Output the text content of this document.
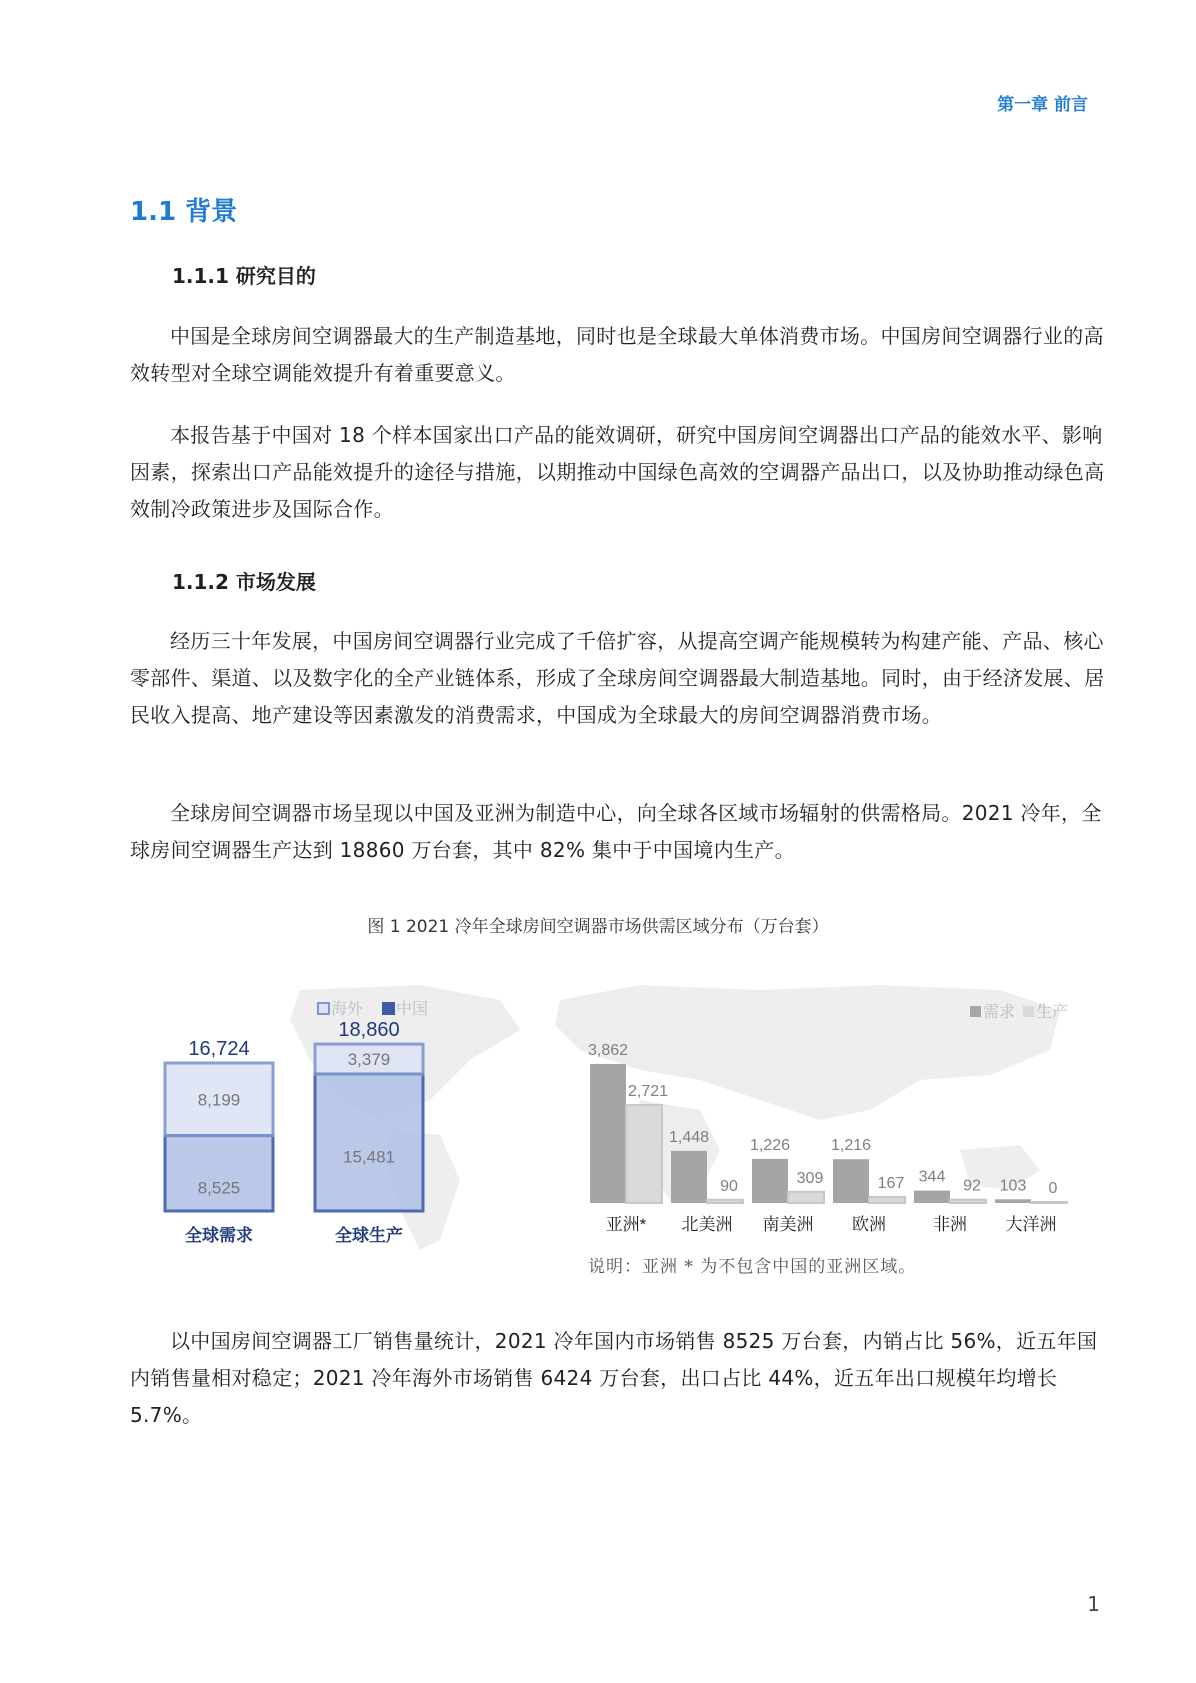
第一章 前言
1.1 背景
1.1.1 研究目的
中国是全球房间空调器最大的生产制造基地，同时也是全球最大单体消费市场。中国房间空调器行业的高效转型对全球空调能效提升有着重要意义。
本报告基于中国对 18 个样本国家出口产品的能效调研，研究中国房间空调器出口产品的能效水平、影响因素，探索出口产品能效提升的途径与措施，以期推动中国绿色高效的空调器产品出口，以及协助推动绿色高效制冷政策进步及国际合作。
1.1.2 市场发展
经历三十年发展，中国房间空调器行业完成了千倍扩容，从提高空调产能规模转为构建产能、产品、核心零部件、渠道、以及数字化的全产业链体系，形成了全球房间空调器最大制造基地。同时，由于经济发展、居民收入提高、地产建设等因素激发的消费需求，中国成为全球最大的房间空调器消费市场。
全球房间空调器市场呈现以中国及亚洲为制造中心，向全球各区域市场辐射的供需格局。2021 冷年，全球房间空调器生产达到 18860 万台套，其中 82% 集中于中国境内生产。
图 1 2021 冷年全球房间空调器市场供需区域分布（万台套）
海外 中国
8,525
8,199
16,724
全球需求
15,481
3,379
18,860
全球生产
需求 生产
3,862
2,721
亚洲*
1,448
90
北美洲
1,226
309
南美洲
1,216
167
欧洲
344
92
非洲
103 0
大洋洲
说明：亚洲 * 为不包含中国的亚洲区域。
以中国房间空调器工厂销售量统计，2021 冷年国内市场销售 8525 万台套，内销占比 56%，近五年国内销售量相对稳定；2021 冷年海外市场销售 6424 万台套，出口占比 44%，近五年出口规模年均增长 5.7%。
1
